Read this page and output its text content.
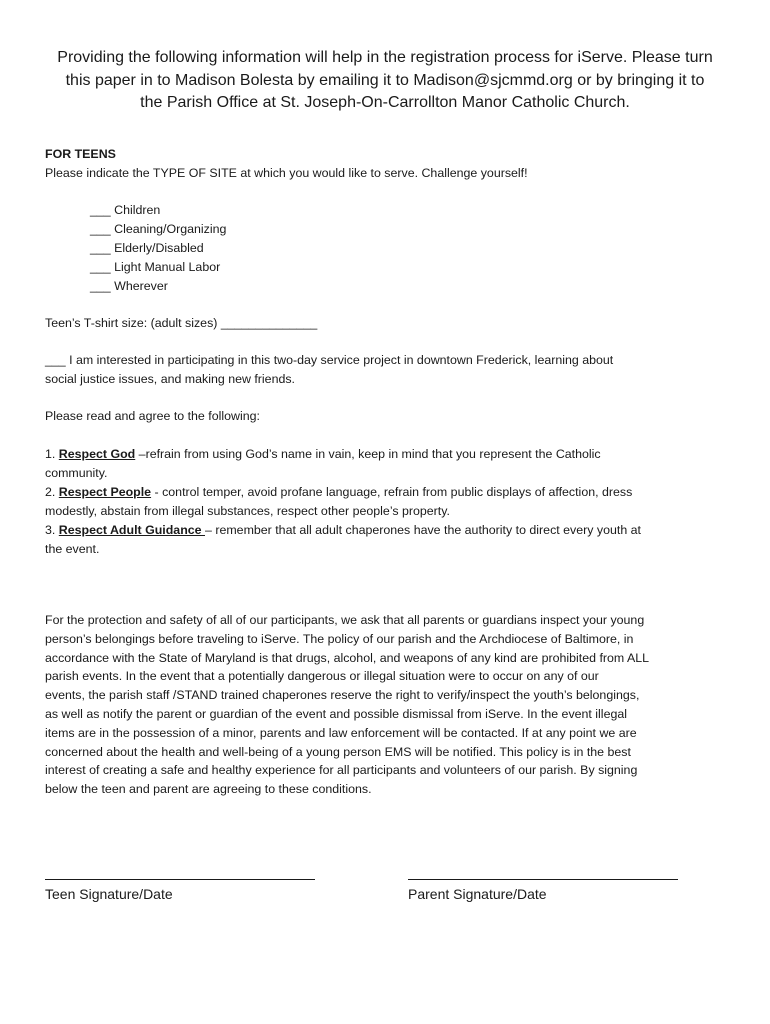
Providing the following information will help in the registration process for iServe. Please turn
this paper in to Madison Bolesta by emailing it to Madison@sjcmmd.org or by bringing it to
the Parish Office at St. Joseph-On-Carrollton Manor Catholic Church.
FOR TEENS
Please indicate the TYPE OF SITE at which you would like to serve. Challenge yourself!
___ Children
___ Cleaning/Organizing
___ Elderly/Disabled
___ Light Manual Labor
___ Wherever
Teen’s T-shirt size: (adult sizes) ______________
___ I am interested in participating in this two-day service project in downtown Frederick, learning about
social justice issues, and making new friends.
Please read and agree to the following:
1. Respect God –refrain from using God’s name in vain, keep in mind that you represent the Catholic
community.
2. Respect People - control temper, avoid profane language, refrain from public displays of affection, dress
modestly, abstain from illegal substances, respect other people’s property.
3. Respect Adult Guidance – remember that all adult chaperones have the authority to direct every youth at
the event.
For the protection and safety of all of our participants, we ask that all parents or guardians inspect your young
person’s belongings before traveling to iServe. The policy of our parish and the Archdiocese of Baltimore, in
accordance with the State of Maryland is that drugs, alcohol, and weapons of any kind are prohibited from ALL
parish events. In the event that a potentially dangerous or illegal situation were to occur on any of our
events, the parish staff /STAND trained chaperones reserve the right to verify/inspect the youth’s belongings,
as well as notify the parent or guardian of the event and possible dismissal from iServe. In the event illegal
items are in the possession of a minor, parents and law enforcement will be contacted. If at any point we are
concerned about the health and well-being of a young person EMS will be notified. This policy is in the best
interest of creating a safe and healthy experience for all participants and volunteers of our parish. By signing
below the teen and parent are agreeing to these conditions.
Teen Signature/Date	Parent Signature/Date
